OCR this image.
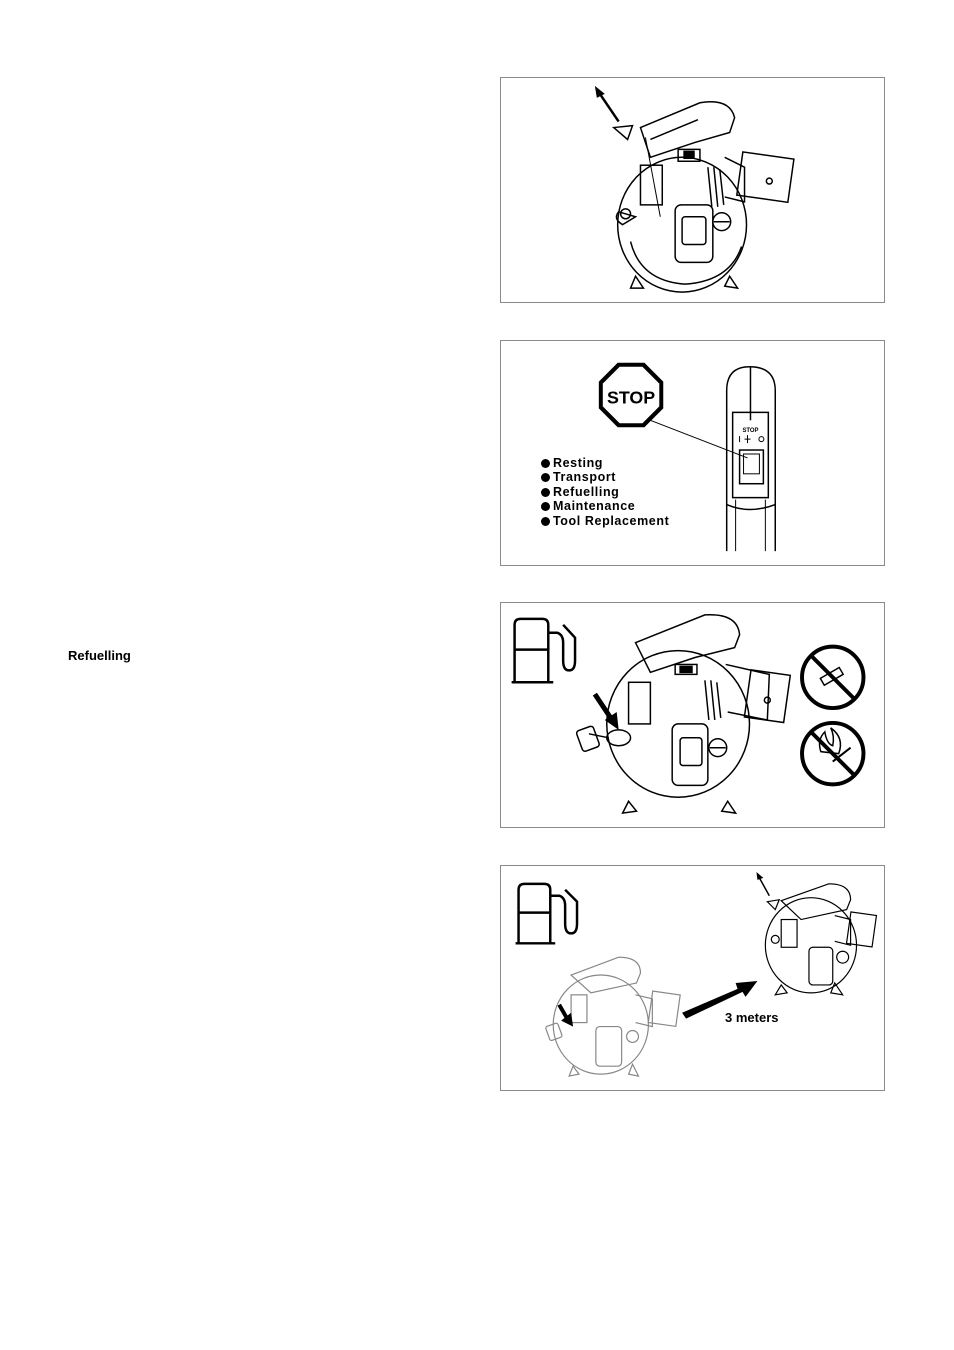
Refuelling
STOP
STOP
Resting
Transport
Refuelling
Maintenance
Tool Replacement
3 meters
